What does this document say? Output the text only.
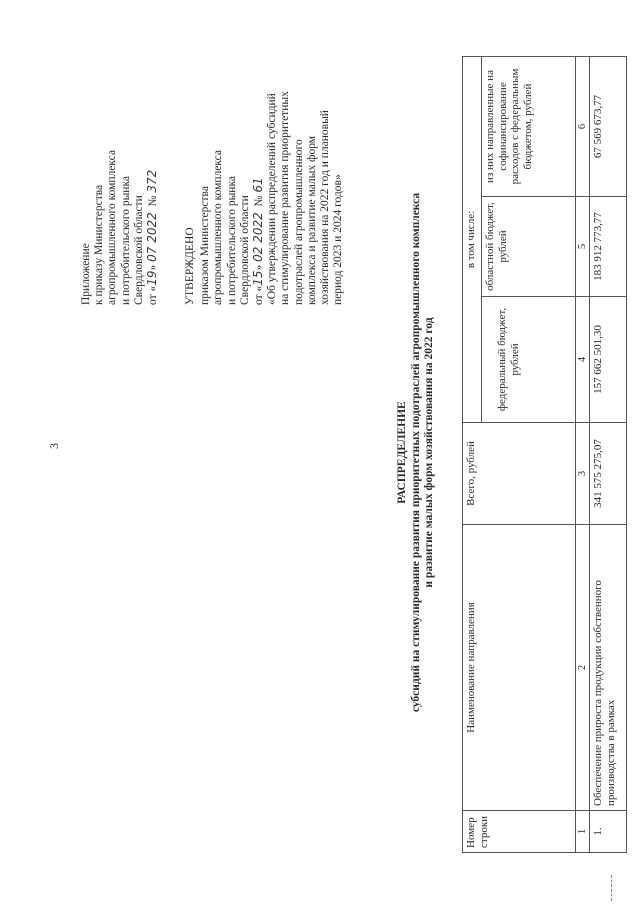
3
Приложение к приказу Министерства агропромышленного комплекса и потребительского рынка Свердловской области от «19» 07 2022  № 372
УТВЕРЖДЕНО приказом Министерства агропромышленного комплекса и потребительского рынка Свердловской области от «15» 02 2022  № 61 «Об утверждении распределений субсидий на стимулирование развития приоритетных подотраслей агропромышленного комплекса и развитие малых форм хозяйствования на 2022 год и плановый период 2023 и 2024 годов»
РАСПРЕДЕЛЕНИЕ субсидий на стимулирование развития приоритетных подотраслей агропромышленного комплекса и развитие малых форм хозяйствования на 2022 год
Номер строки	Наименование направления	Всего, рублей	в том числе:		
			федеральный бюджет, рублей	областной бюджет, рублей	из них направленные на софинансирование расходов с федеральным бюджетом, рублей
1	2	3	4	5	6
1.	Обеспечение прироста продукции собственного производства в рамках	341 575 275,07	157 662 501,30	183 912 773,77	67 569 673,77
